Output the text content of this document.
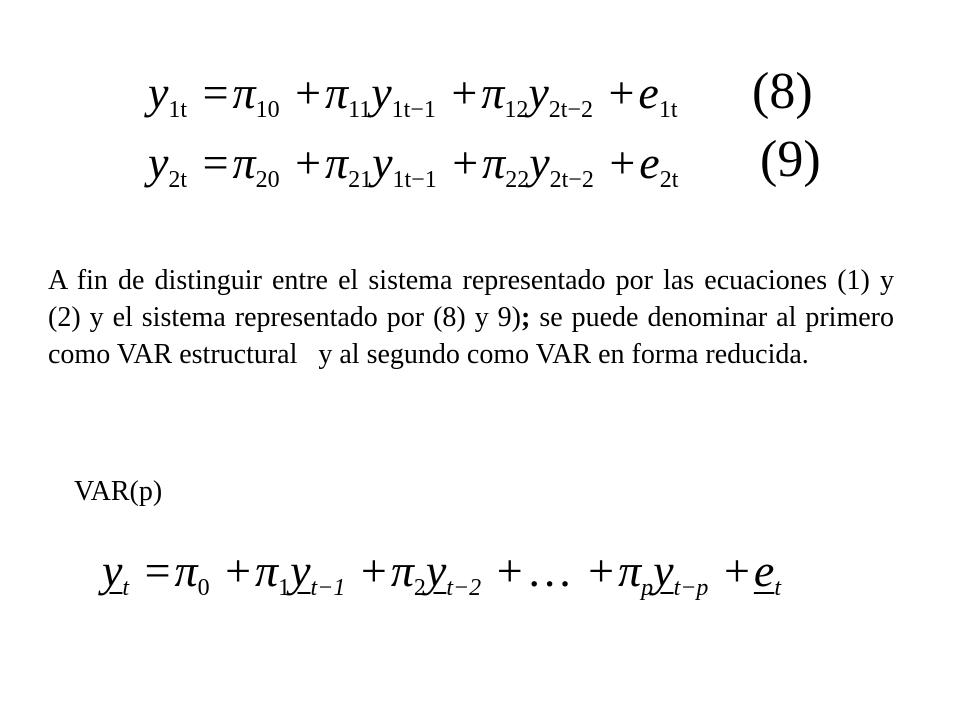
$y_{1t} =\pi_{10} +\pi_{11}y_{1t-1} +\pi_{12}y_{2t-2} +e_{1t}$ (8)
$y_{2t} =\pi_{20} +\pi_{21}y_{1t-1} +\pi_{22}y_{2t-2} +e_{2t}$ (9)

A fin de distinguir entre el sistema representado por las ecuaciones (1) y (2) y el sistema representado por (8) y 9); se puede denominar al primero como VAR estructural   y al segundo como VAR en forma reducida.

VAR(p)
$y_t =\pi_0 +\pi_1y_{t-1} +\pi_2y_{t-2}$ +… $+\pi_py_{t-p} +e_t$
